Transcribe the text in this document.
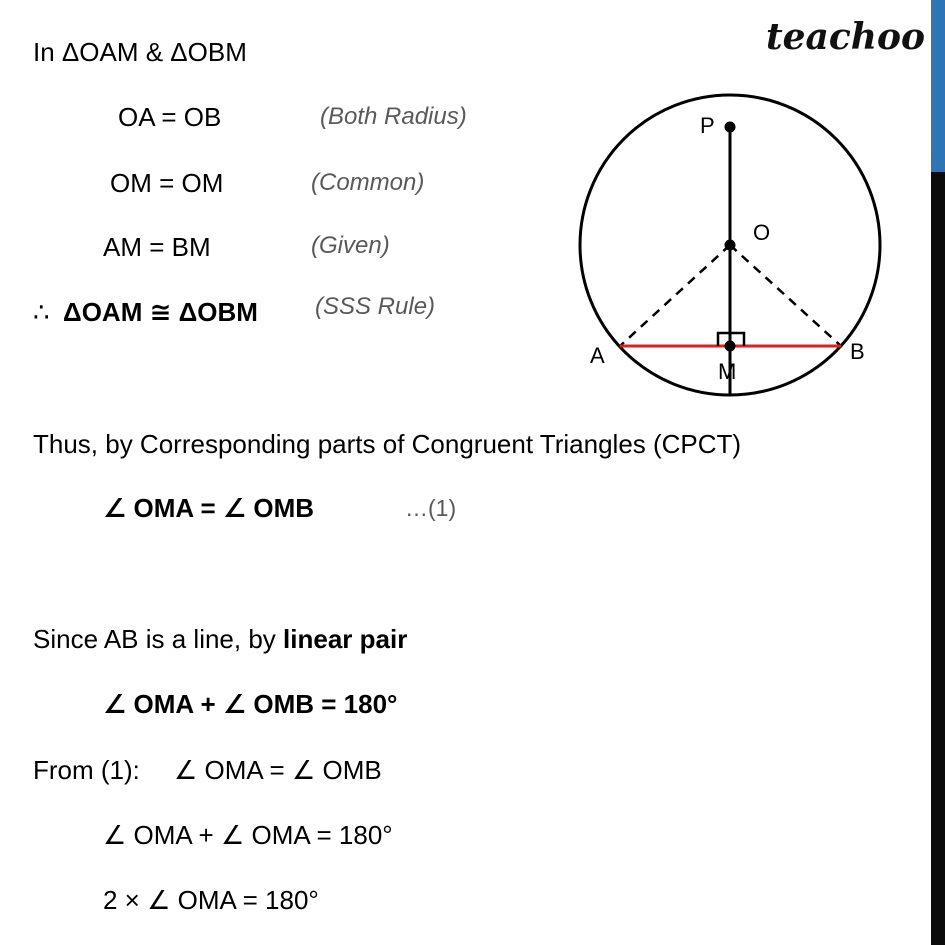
teachoo
In ΔOAM & ΔOBM
OA = OB	(Both Radius)
OM = OM	(Common)
AM = BM	(Given)
∴ ΔOAM ≅ ΔOBM (SSS Rule)
Thus, by Corresponding parts of Congruent Triangles (CPCT)
∠ OMA = ∠ OMB	…(1)
Since AB is a line, by linear pair
∠ OMA + ∠ OMB = 180°
From (1): ∠ OMA = ∠ OMB
∠ OMA + ∠ OMA = 180°
2 × ∠ OMA = 180°
P
O
A	B
M
